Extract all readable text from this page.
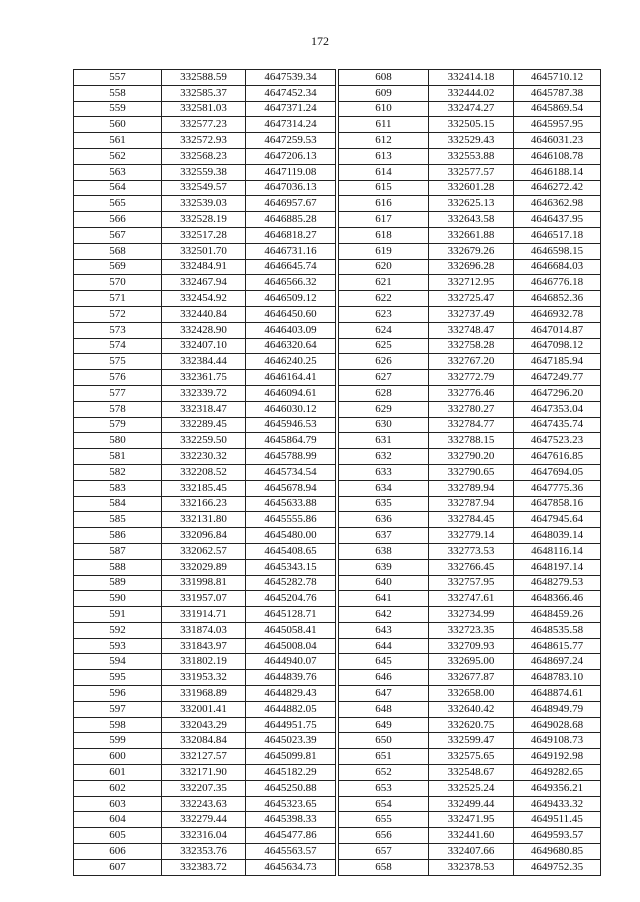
172
557	332588.59	4647539.34
558	332585.37	4647452.34
559	332581.03	4647371.24
560	332577.23	4647314.24
561	332572.93	4647259.53
562	332568.23	4647206.13
563	332559.38	4647119.08
564	332549.57	4647036.13
565	332539.03	4646957.67
566	332528.19	4646885.28
567	332517.28	4646818.27
568	332501.70	4646731.16
569	332484.91	4646645.74
570	332467.94	4646566.32
571	332454.92	4646509.12
572	332440.84	4646450.60
573	332428.90	4646403.09
574	332407.10	4646320.64
575	332384.44	4646240.25
576	332361.75	4646164.41
577	332339.72	4646094.61
578	332318.47	4646030.12
579	332289.45	4645946.53
580	332259.50	4645864.79
581	332230.32	4645788.99
582	332208.52	4645734.54
583	332185.45	4645678.94
584	332166.23	4645633.88
585	332131.80	4645555.86
586	332096.84	4645480.00
587	332062.57	4645408.65
588	332029.89	4645343.15
589	331998.81	4645282.78
590	331957.07	4645204.76
591	331914.71	4645128.71
592	331874.03	4645058.41
593	331843.97	4645008.04
594	331802.19	4644940.07
595	331953.32	4644839.76
596	331968.89	4644829.43
597	332001.41	4644882.05
598	332043.29	4644951.75
599	332084.84	4645023.39
600	332127.57	4645099.81
601	332171.90	4645182.29
602	332207.35	4645250.88
603	332243.63	4645323.65
604	332279.44	4645398.33
605	332316.04	4645477.86
606	332353.76	4645563.57
607	332383.72	4645634.73
608	332414.18	4645710.12
609	332444.02	4645787.38
610	332474.27	4645869.54
611	332505.15	4645957.95
612	332529.43	4646031.23
613	332553.88	4646108.78
614	332577.57	4646188.14
615	332601.28	4646272.42
616	332625.13	4646362.98
617	332643.58	4646437.95
618	332661.88	4646517.18
619	332679.26	4646598.15
620	332696.28	4646684.03
621	332712.95	4646776.18
622	332725.47	4646852.36
623	332737.49	4646932.78
624	332748.47	4647014.87
625	332758.28	4647098.12
626	332767.20	4647185.94
627	332772.79	4647249.77
628	332776.46	4647296.20
629	332780.27	4647353.04
630	332784.77	4647435.74
631	332788.15	4647523.23
632	332790.20	4647616.85
633	332790.65	4647694.05
634	332789.94	4647775.36
635	332787.94	4647858.16
636	332784.45	4647945.64
637	332779.14	4648039.14
638	332773.53	4648116.14
639	332766.45	4648197.14
640	332757.95	4648279.53
641	332747.61	4648366.46
642	332734.99	4648459.26
643	332723.35	4648535.58
644	332709.93	4648615.77
645	332695.00	4648697.24
646	332677.87	4648783.10
647	332658.00	4648874.61
648	332640.42	4648949.79
649	332620.75	4649028.68
650	332599.47	4649108.73
651	332575.65	4649192.98
652	332548.67	4649282.65
653	332525.24	4649356.21
654	332499.44	4649433.32
655	332471.95	4649511.45
656	332441.60	4649593.57
657	332407.66	4649680.85
658	332378.53	4649752.35
